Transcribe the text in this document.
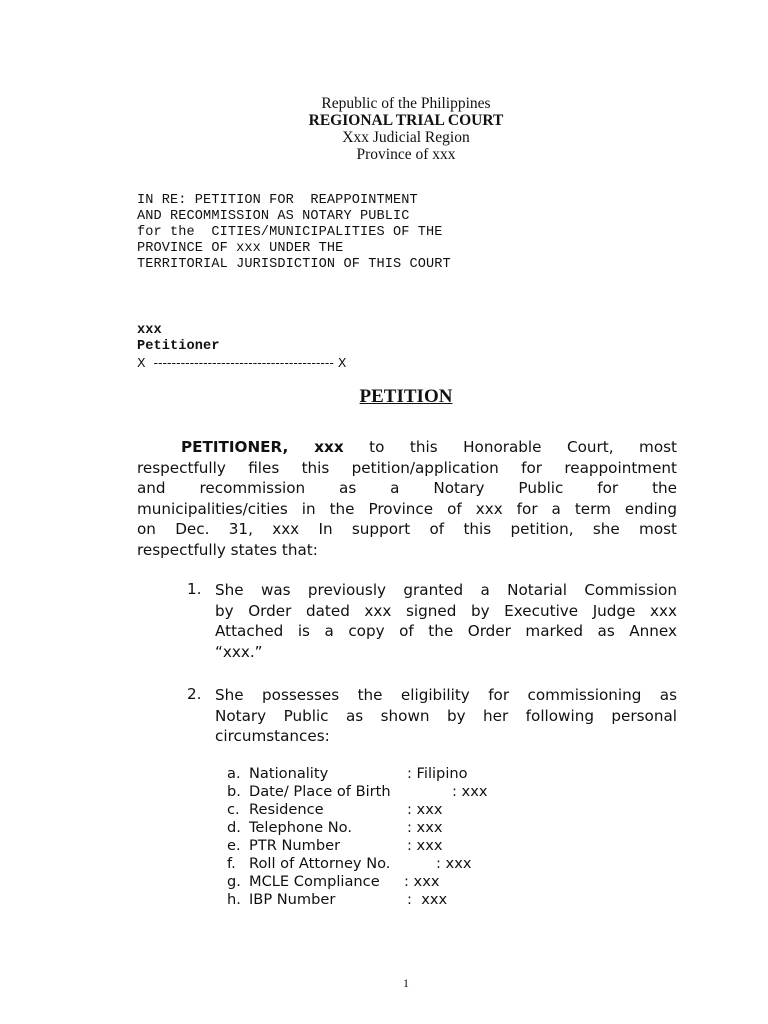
Republic of the Philippines
REGIONAL TRIAL COURT
Xxx Judicial Region
Province of xxx
IN RE: PETITION FOR  REAPPOINTMENT
AND RECOMMISSION AS NOTARY PUBLIC
for the  CITIES/MUNICIPALITIES OF THE
PROVINCE OF xxx UNDER THE
TERRITORIAL JURISDICTION OF THIS COURT
xxx
Petitioner
X  ---------------------------------------- X
PETITION
PETITIONER, xxx to this Honorable Court, most
respectfully files this petition/application for reappointment
and recommission as a Notary Public for the
municipalities/cities in the Province of xxx for a term ending
on Dec. 31, xxx In support of this petition, she most
respectfully states that:
1. She was previously granted a Notarial Commission
by Order dated xxx signed by Executive Judge xxx
Attached is a copy of the Order marked as Annex
“xxx.”
2. She possesses the eligibility for commissioning as
Notary Public as shown by her following personal
circumstances:
a. Nationality	: Filipino
b. Date/ Place of Birth	: xxx
c. Residence	: xxx
d. Telephone No.	: xxx
e. PTR Number	: xxx
f. Roll of Attorney No.	: xxx
g. MCLE Compliance : xxx
h. IBP Number	:  xxx
1
